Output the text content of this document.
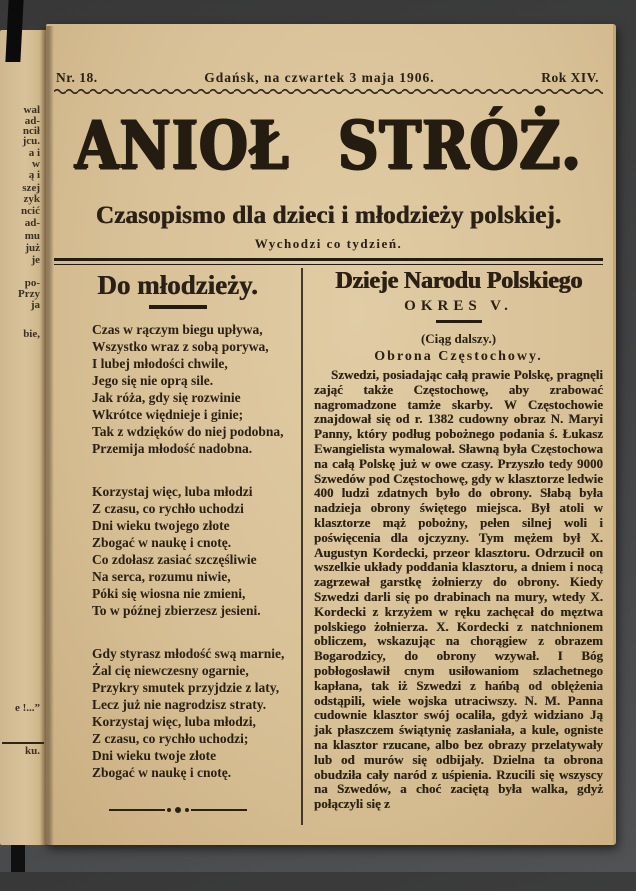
wal
ad-
ncił
jcu.
a i
w
ą i
szej
zyk
ncić
ad-
mu
już
je
po-
Przy
ja
bie,
e !...”
ku.
Nr. 18.	Gdańsk, na czwartek 3 maja 1906.	Rok XIV.
ANIOŁ STRÓŻ.
Czasopismo dla dzieci i młodzieży polskiej.
Wychodzi co tydzień.
Do młodzieży.
Czas w rączym biegu upływa,
Wszystko wraz z sobą porywa,
I lubej młodości chwile,
Jego się nie oprą sile.
Jak róża, gdy się rozwinie
Wkrótce więdnieje i ginie;
Tak z wdzięków do niej podobna,
Przemija młodość nadobna.
Korzystaj więc, luba młodzi
Z czasu, co rychło uchodzi
Dni wieku twojego złote
Zbogać w naukę i cnotę.
Co zdołasz zasiać szczęśliwie
Na serca, rozumu niwie,
Póki się wiosna nie zmieni,
To w późnej zbierzesz jesieni.
Gdy styrasz młodość swą marnie,
Żal cię niewczesny ogarnie,
Przykry smutek przyjdzie z laty,
Lecz już nie nagrodzisz straty.
Korzystaj więc, luba młodzi,
Z czasu, co rychło uchodzi;
Dni wieku twoje złote
Zbogać w naukę i cnotę.
Dzieje Narodu Polskiego
OKRES V.
(Ciąg dalszy.)
Obrona Częstochowy.

Szwedzi, posiadając całą prawie Polskę, pragnęli zająć także Częstochowę, aby zrabować nagromadzone tamże skarby. W Częstochowie znajdował się od r. 1382 cudowny obraz N. Maryi Panny, który podług pobożnego podania ś. Łukasz Ewangielista wymalował. Sławną była Częstochowa na całą Polskę już w owe czasy. Przyszło tedy 9000 Szwedów pod Częstochowę, gdy w klasztorze ledwie 400 ludzi zdatnych było do obrony. Słabą była nadzieja obrony świętego miejsca. Był atoli w klasztorze mąż pobożny, pełen silnej woli i poświęcenia dla ojczyzny. Tym mężem był X. Augustyn Kordecki, przeor klasztoru. Odrzucił on wszelkie układy poddania klasztoru, a dniem i nocą zagrzewał garstkę żołnierzy do obrony. Kiedy Szwedzi darli się po drabinach na mury, wtedy X. Kordecki z krzyżem w ręku zachęcał do męztwa polskiego żołnierza. X. Kordecki z natchnionem obliczem, wskazując na chorągiew z obrazem Bogarodzicy, do obrony wzywał. I Bóg pobłogosławił cnym usiłowaniom szlachetnego kapłana, tak iż Szwedzi z hańbą od oblężenia odstąpili, wiele wojska utraciwszy. N. M. Panna cudownie klasztor swój ocaliła, gdyż widziano Ją jak płaszczem świątynię zasłaniała, a kule, ogniste na klasztor rzucane, albo bez obrazy przelatywały lub od murów się odbijały. Dzielna ta obrona obudziła cały naród z uśpienia. Rzucili się wszyscy na Szwedów, a choć zaciętą była walka, gdyż połączyli się z
